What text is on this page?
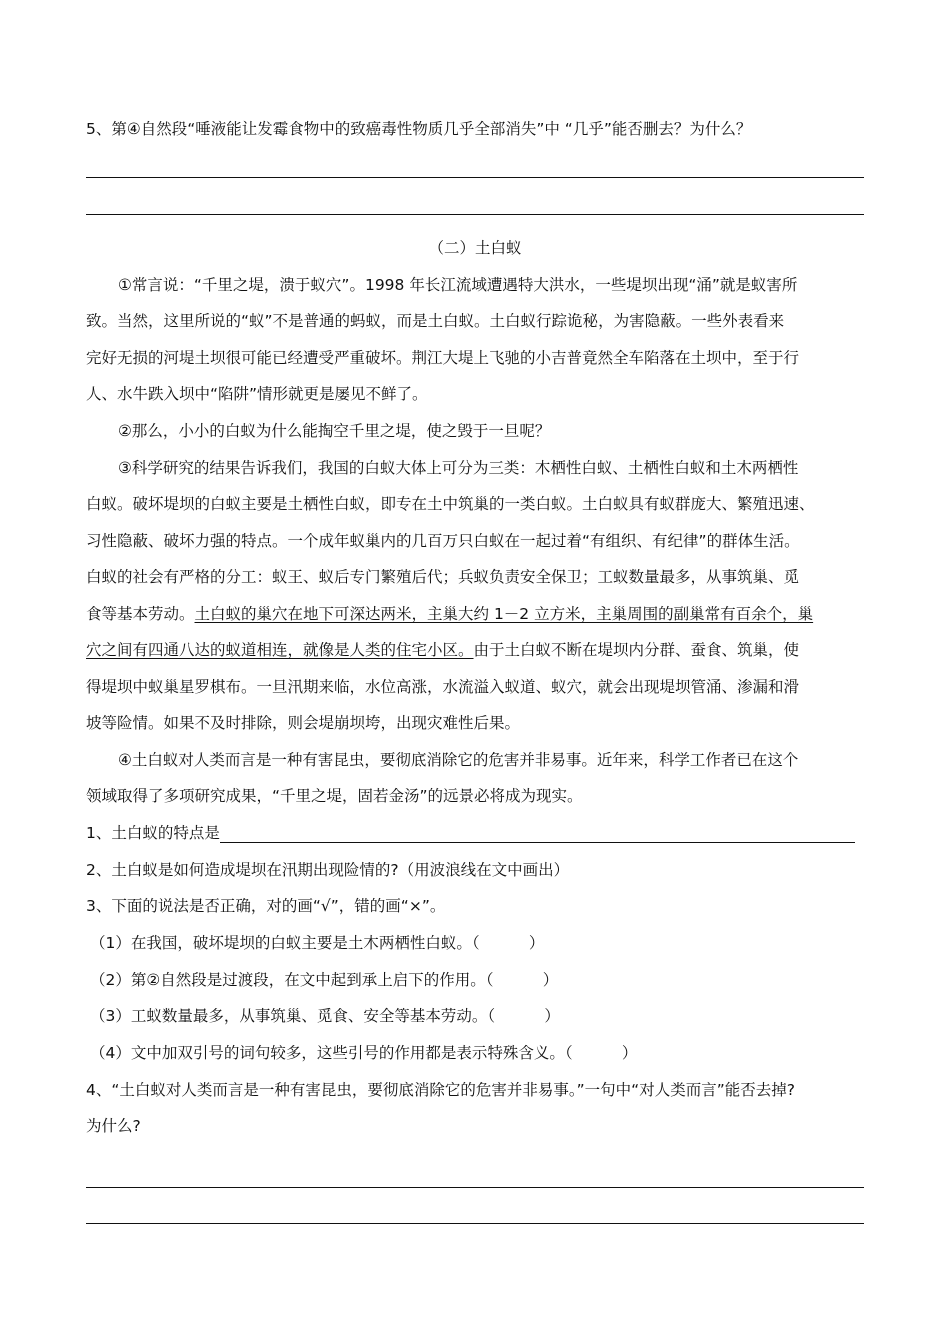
5、第④自然段“唾液能让发霉食物中的致癌毒性物质几乎全部消失”中 “几乎”能否删去？为什么？
（二）土白蚁
①常言说：“千里之堤，溃于蚁穴”。1998 年长江流域遭遇特大洪水，一些堤坝出现“涌”就是蚁害所
致。当然，这里所说的“蚁”不是普通的蚂蚁，而是土白蚁。土白蚁行踪诡秘，为害隐蔽。一些外表看来
完好无损的河堤土坝很可能已经遭受严重破坏。荆江大堤上飞驰的小吉普竟然全车陷落在土坝中，至于行
人、水牛跌入坝中“陷阱”情形就更是屡见不鲜了。
②那么，小小的白蚁为什么能掏空千里之堤，使之毁于一旦呢？
③科学研究的结果告诉我们，我国的白蚁大体上可分为三类：木栖性白蚁、土栖性白蚁和土木两栖性
白蚁。破坏堤坝的白蚁主要是土栖性白蚁，即专在土中筑巢的一类白蚁。土白蚁具有蚁群庞大、繁殖迅速、
习性隐蔽、破坏力强的特点。一个成年蚁巢内的几百万只白蚁在一起过着“有组织、有纪律”的群体生活。
白蚁的社会有严格的分工：蚁王、蚁后专门繁殖后代；兵蚁负责安全保卫；工蚁数量最多，从事筑巢、觅
食等基本劳动。土白蚁的巢穴在地下可深达两米，主巢大约 1－2 立方米，主巢周围的副巢常有百余个，巢
穴之间有四通八达的蚁道相连，就像是人类的住宅小区。由于土白蚁不断在堤坝内分群、蚕食、筑巢，使
得堤坝中蚁巢星罗棋布。一旦汛期来临，水位高涨，水流溢入蚁道、蚁穴，就会出现堤坝管涌、渗漏和滑
坡等险情。如果不及时排除，则会堤崩坝垮，出现灾难性后果。
④土白蚁对人类而言是一种有害昆虫，要彻底消除它的危害并非易事。近年来，科学工作者已在这个
领域取得了多项研究成果，“千里之堤，固若金汤”的远景必将成为现实。
1、土白蚁的特点是
2、土白蚁是如何造成堤坝在汛期出现险情的?（用波浪线在文中画出）
3、下面的说法是否正确，对的画“√”，错的画“×”。
（1）在我国，破坏堤坝的白蚁主要是土木两栖性白蚁。（          ）
（2）第②自然段是过渡段，在文中起到承上启下的作用。（          ）
（3）工蚁数量最多，从事筑巢、觅食、安全等基本劳动。（          ）
（4）文中加双引号的词句较多，这些引号的作用都是表示特殊含义。（          ）
4、“土白蚁对人类而言是一种有害昆虫，要彻底消除它的危害并非易事。”一句中“对人类而言”能否去掉?
为什么?
